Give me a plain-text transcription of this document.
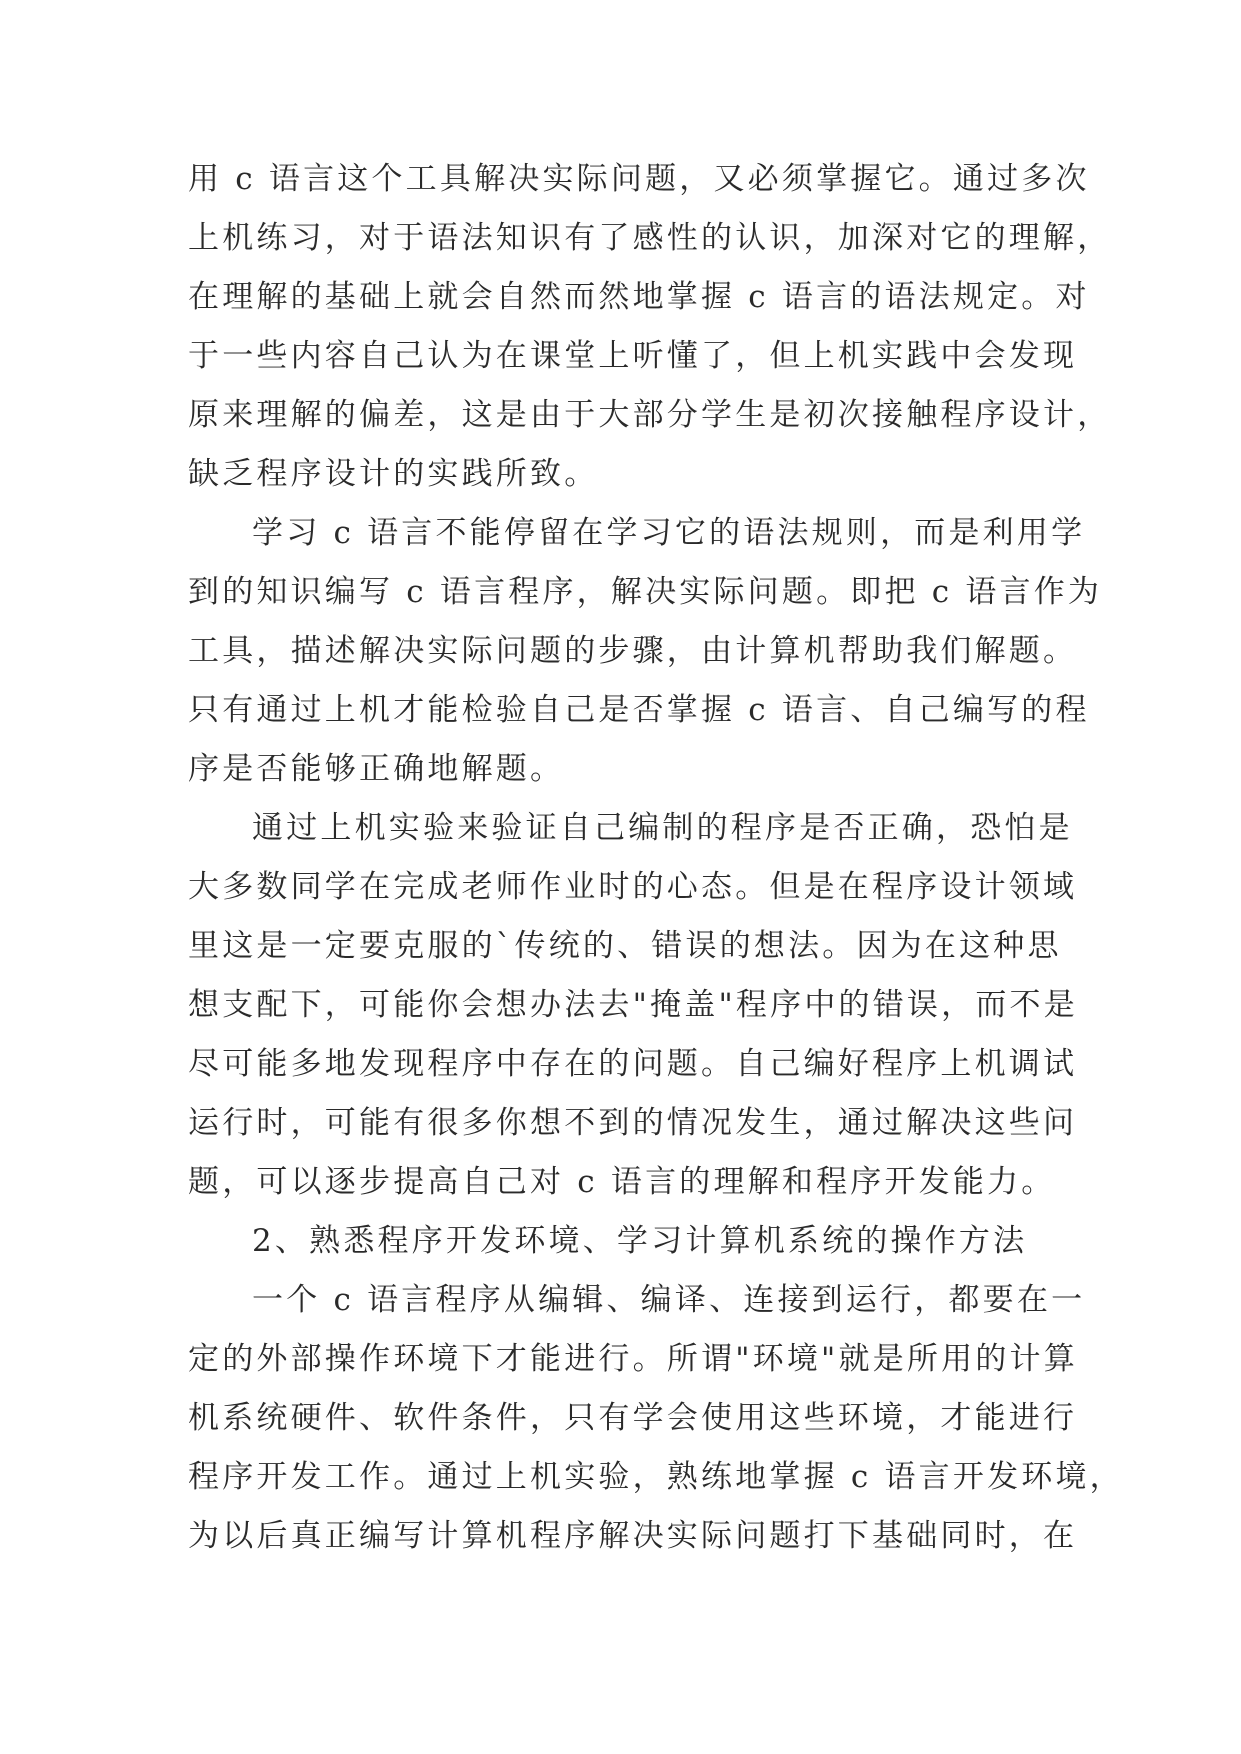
用 c 语言这个工具解决实际问题，又必须掌握它。通过多次
上机练习，对于语法知识有了感性的认识，加深对它的理解，
在理解的基础上就会自然而然地掌握 c 语言的语法规定。对
于一些内容自己认为在课堂上听懂了，但上机实践中会发现
原来理解的偏差，这是由于大部分学生是初次接触程序设计，
缺乏程序设计的实践所致。
学习 c 语言不能停留在学习它的语法规则，而是利用学
到的知识编写 c 语言程序，解决实际问题。即把 c 语言作为
工具，描述解决实际问题的步骤，由计算机帮助我们解题。
只有通过上机才能检验自己是否掌握 c 语言、自己编写的程
序是否能够正确地解题。
通过上机实验来验证自己编制的程序是否正确，恐怕是
大多数同学在完成老师作业时的心态。但是在程序设计领域
里这是一定要克服的`传统的、错误的想法。因为在这种思
想支配下，可能你会想办法去"掩盖"程序中的错误，而不是
尽可能多地发现程序中存在的问题。自己编好程序上机调试
运行时，可能有很多你想不到的情况发生，通过解决这些问
题，可以逐步提高自己对 c 语言的理解和程序开发能力。
2、熟悉程序开发环境、学习计算机系统的操作方法
一个 c 语言程序从编辑、编译、连接到运行，都要在一
定的外部操作环境下才能进行。所谓"环境"就是所用的计算
机系统硬件、软件条件，只有学会使用这些环境，才能进行
程序开发工作。通过上机实验，熟练地掌握 c 语言开发环境，
为以后真正编写计算机程序解决实际问题打下基础同时，在
